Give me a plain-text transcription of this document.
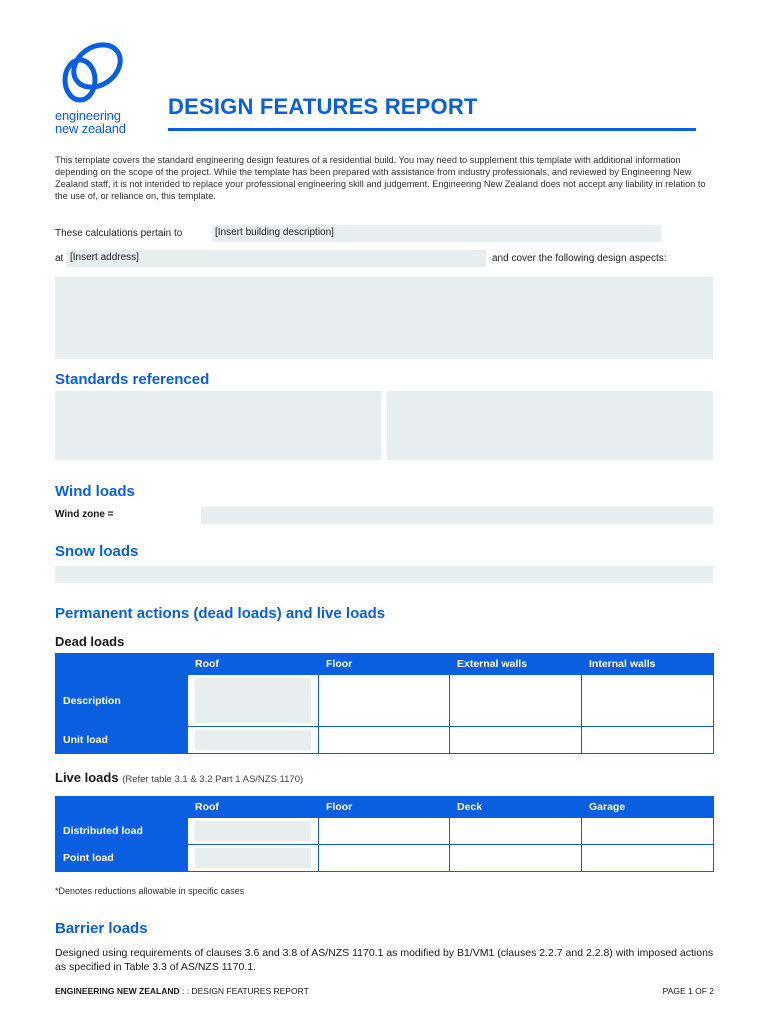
engineering
new zealand
DESIGN FEATURES REPORT

This template covers the standard engineering design features of a residential build. You may need to supplement this template with additional information depending on the scope of the project. While the template has been prepared with assistance from industry professionals, and reviewed by Engineering New Zealand staff, it is not intended to replace your professional engineering skill and judgement. Engineering New Zealand does not accept any liability in relation to the use of, or reliance on, this template.

These calculations pertain to	[Insert building description]
at [Insert address]	and cover the following design aspects:
Standards referenced
Wind loads
Wind zone =
Snow loads
Permanent actions (dead loads) and live loads
Dead loads
	Roof	Floor	External walls	Internal walls
Description	

Unit load	

Live loads (Refer table 3.1 & 3.2 Part 1 AS/NZS 1170)
	Roof	Floor	Deck	Garage
Distributed load	

Point load	

*Denotes reductions allowable in specific cases
Barrier loads

Designed using requirements of clauses 3.6 and 3.8 of AS/NZS 1170.1 as modified by B1/VM1 (clauses 2.2.7 and 2.2.8) with imposed actions as specified in Table 3.3 of AS/NZS 1170.1.

ENGINEERING NEW ZEALAND : : DESIGN FEATURES REPORT	PAGE 1 OF 2
